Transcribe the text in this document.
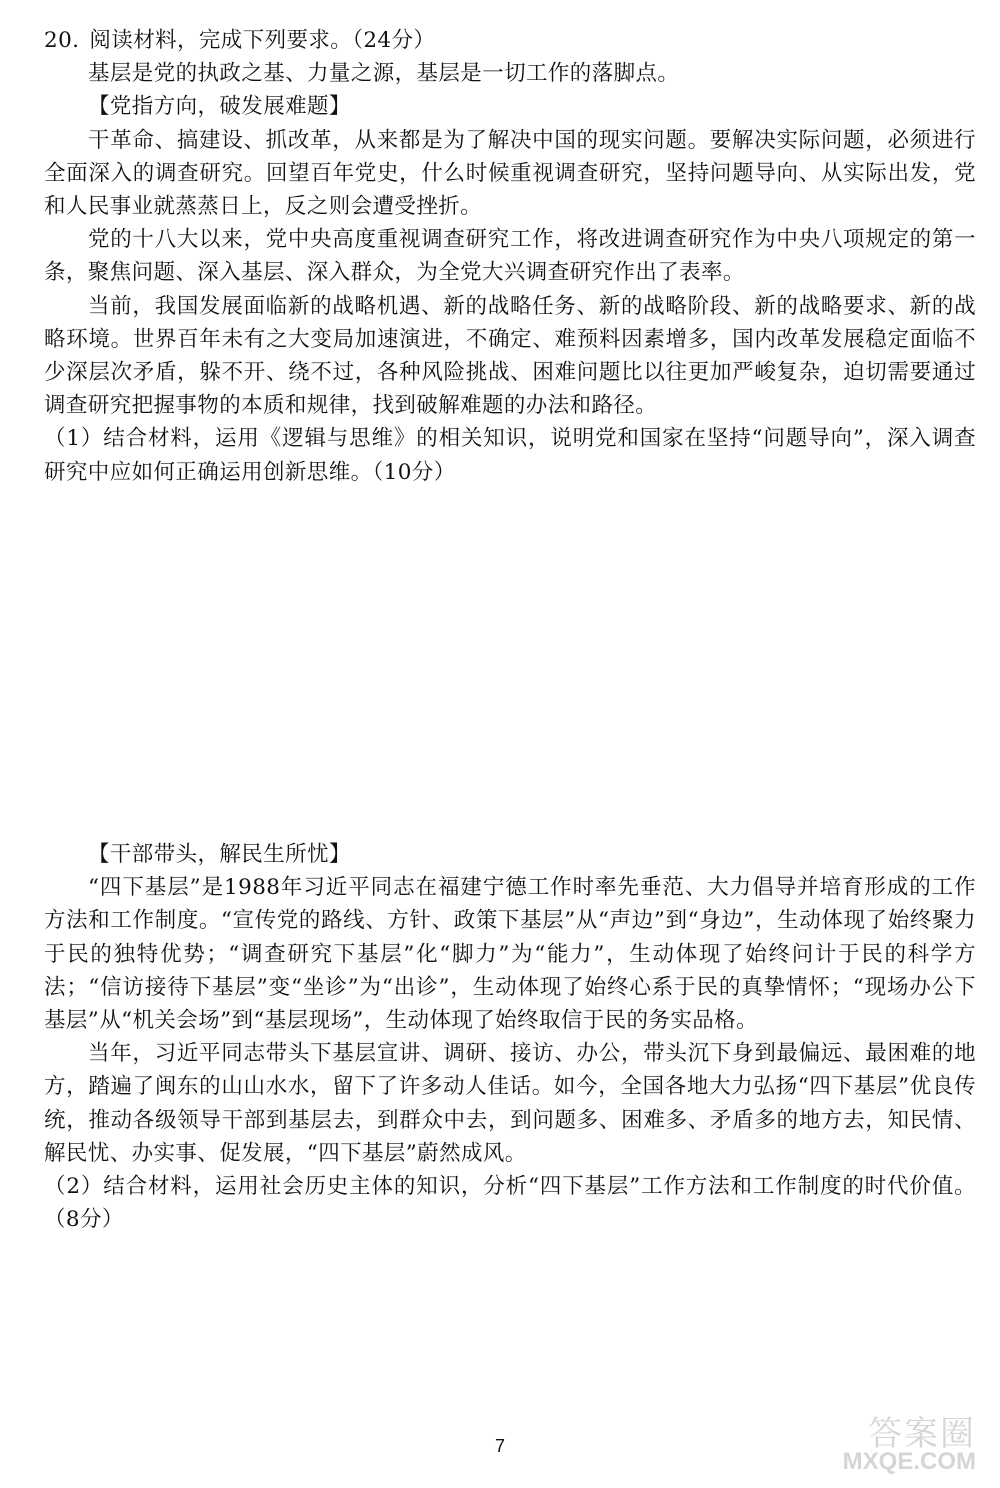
20. 阅读材料，完成下列要求。（24分）

基层是党的执政之基、力量之源，基层是一切工作的落脚点。

【党指方向，破发展难题】

干革命、搞建设、抓改革，从来都是为了解决中国的现实问题。要解决实际问题，必须进行全面深入的调查研究。回望百年党史，什么时候重视调查研究，坚持问题导向、从实际出发，党和人民事业就蒸蒸日上，反之则会遭受挫折。

党的十八大以来，党中央高度重视调查研究工作，将改进调查研究作为中央八项规定的第一条，聚焦问题、深入基层、深入群众，为全党大兴调查研究作出了表率。

当前，我国发展面临新的战略机遇、新的战略任务、新的战略阶段、新的战略要求、新的战略环境。世界百年未有之大变局加速演进，不确定、难预料因素增多，国内改革发展稳定面临不少深层次矛盾，躲不开、绕不过，各种风险挑战、困难问题比以往更加严峻复杂，迫切需要通过调查研究把握事物的本质和规律，找到破解难题的办法和路径。

（1）结合材料，运用《逻辑与思维》的相关知识，说明党和国家在坚持“问题导向”，深入调查研究中应如何正确运用创新思维。（10分）

【干部带头，解民生所忧】

“四下基层”是1988年习近平同志在福建宁德工作时率先垂范、大力倡导并培育形成的工作方法和工作制度。“宣传党的路线、方针、政策下基层”从“声边”到“身边”，生动体现了始终聚力于民的独特优势；“调查研究下基层”化“脚力”为“能力”，生动体现了始终问计于民的科学方法；“信访接待下基层”变“坐诊”为“出诊”，生动体现了始终心系于民的真挚情怀；“现场办公下基层”从“机关会场”到“基层现场”，生动体现了始终取信于民的务实品格。

当年，习近平同志带头下基层宣讲、调研、接访、办公，带头沉下身到最偏远、最困难的地方，踏遍了闽东的山山水水，留下了许多动人佳话。如今，全国各地大力弘扬“四下基层”优良传统，推动各级领导干部到基层去，到群众中去，到问题多、困难多、矛盾多的地方去，知民情、解民忧、办实事、促发展，“四下基层”蔚然成风。

（2）结合材料，运用社会历史主体的知识，分析“四下基层”工作方法和工作制度的时代价值。（8分）

7	答案圈
MXQE.COM
